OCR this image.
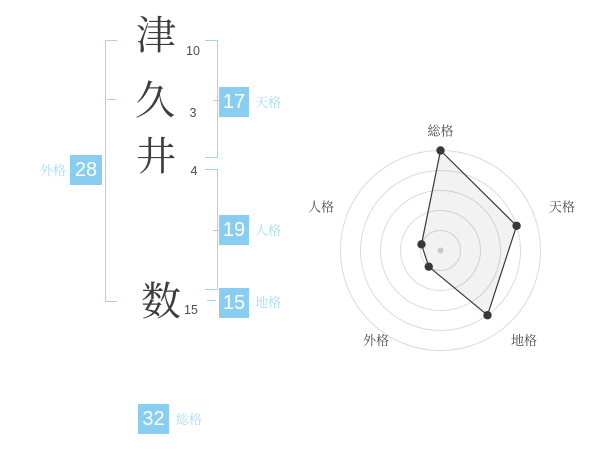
津
久
井
数
10
3
4
15
外格 28
17 天格
19 人格
15 地格
32 総格
総格
天格
地格
外格
人格
